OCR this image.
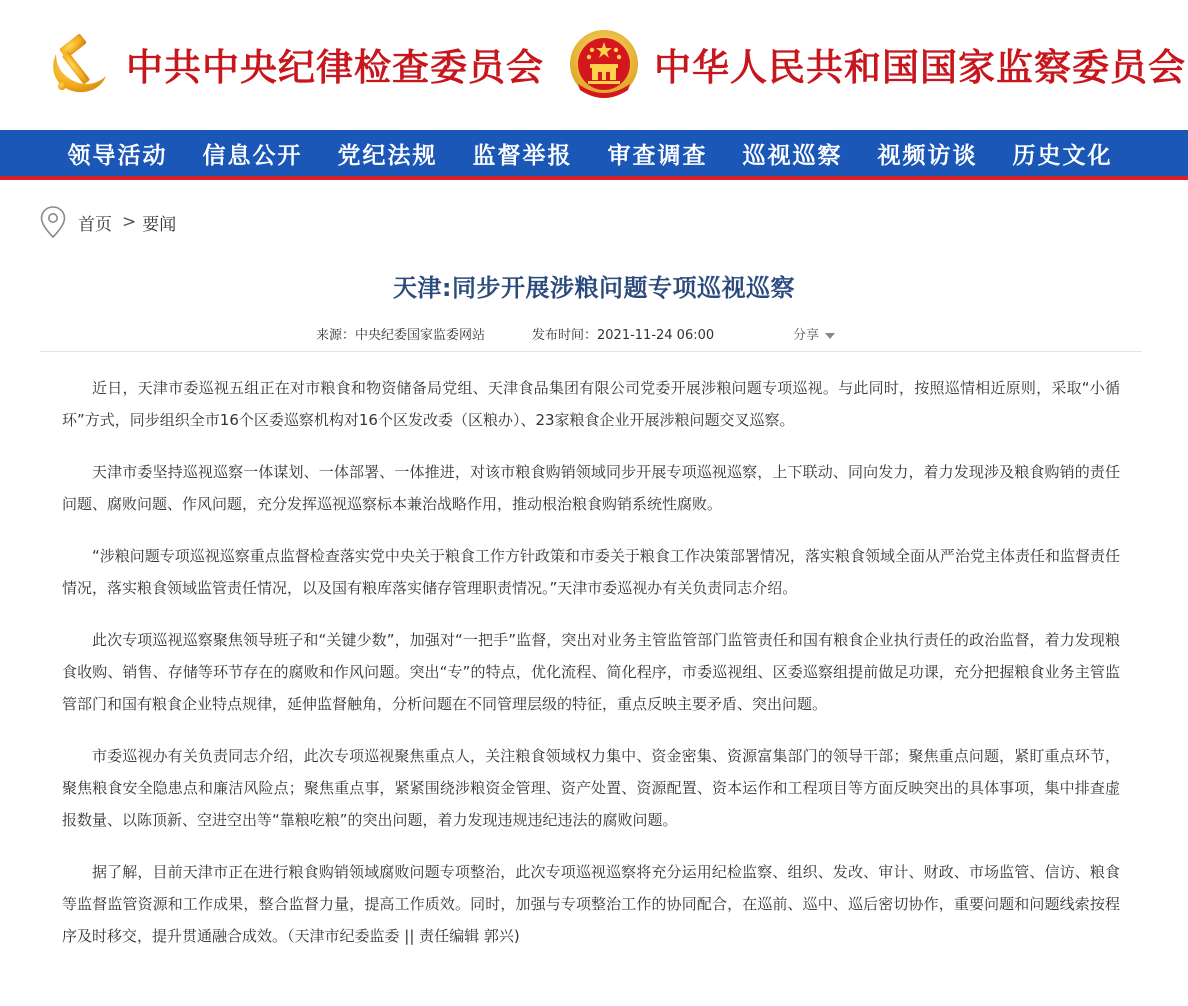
中共中央纪律检查委员会	中华人民共和国国家监察委员会
领导活动	信息公开	党纪法规	监督举报	审查调查	巡视巡察	视频访谈	历史文化
首页 > 要闻
天津:同步开展涉粮问题专项巡视巡察
来源：中央纪委国家监委网站	发布时间：2021-11-24 06:00	分享

近日，天津市委巡视五组正在对市粮食和物资储备局党组、天津食品集团有限公司党委开展涉粮问题专项巡视。与此同时，按照巡情相近原则，采取“小循环”方式，同步组织全市16个区委巡察机构对16个区发改委（区粮办）、23家粮食企业开展涉粮问题交叉巡察。

天津市委坚持巡视巡察一体谋划、一体部署、一体推进，对该市粮食购销领域同步开展专项巡视巡察，上下联动、同向发力，着力发现涉及粮食购销的责任问题、腐败问题、作风问题，充分发挥巡视巡察标本兼治战略作用，推动根治粮食购销系统性腐败。

“涉粮问题专项巡视巡察重点监督检查落实党中央关于粮食工作方针政策和市委关于粮食工作决策部署情况，落实粮食领域全面从严治党主体责任和监督责任情况，落实粮食领域监管责任情况，以及国有粮库落实储存管理职责情况。”天津市委巡视办有关负责同志介绍。

此次专项巡视巡察聚焦领导班子和“关键少数”，加强对“一把手”监督，突出对业务主管监管部门监管责任和国有粮食企业执行责任的政治监督，着力发现粮食收购、销售、存储等环节存在的腐败和作风问题。突出“专”的特点，优化流程、简化程序，市委巡视组、区委巡察组提前做足功课，充分把握粮食业务主管监管部门和国有粮食企业特点规律，延伸监督触角，分析问题在不同管理层级的特征，重点反映主要矛盾、突出问题。

市委巡视办有关负责同志介绍，此次专项巡视聚焦重点人，关注粮食领域权力集中、资金密集、资源富集部门的领导干部；聚焦重点问题，紧盯重点环节，聚焦粮食安全隐患点和廉洁风险点；聚焦重点事，紧紧围绕涉粮资金管理、资产处置、资源配置、资本运作和工程项目等方面反映突出的具体事项，集中排查虚报数量、以陈顶新、空进空出等“靠粮吃粮”的突出问题，着力发现违规违纪违法的腐败问题。

据了解，目前天津市正在进行粮食购销领域腐败问题专项整治，此次专项巡视巡察将充分运用纪检监察、组织、发改、审计、财政、市场监管、信访、粮食等监督监管资源和工作成果，整合监督力量，提高工作质效。同时，加强与专项整治工作的协同配合，在巡前、巡中、巡后密切协作，重要问题和问题线索按程序及时移交，提升贯通融合成效。（天津市纪委监委 || 责任编辑 郭兴)
